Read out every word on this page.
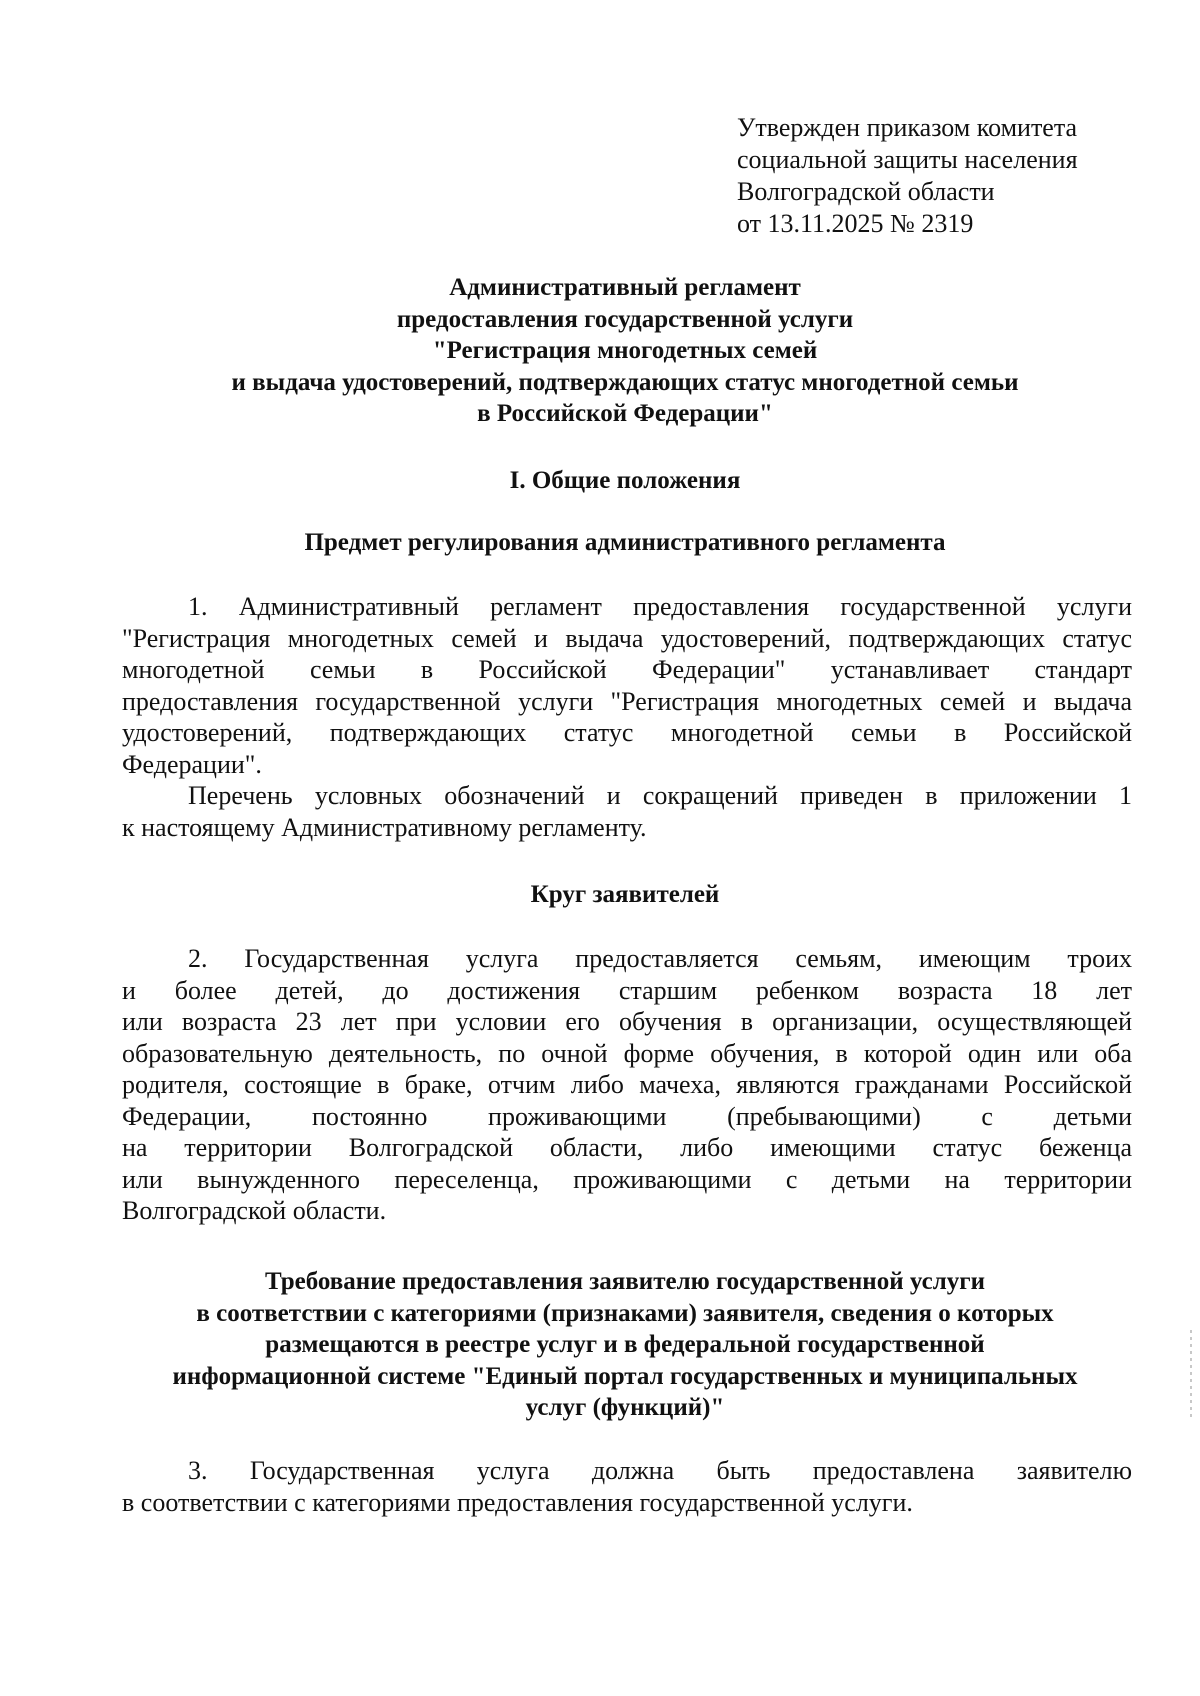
Утвержден приказом комитета
социальной защиты населения
Волгоградской области
от 13.11.2025 № 2319
Административный регламент
предоставления государственной услуги
"Регистрация многодетных семей
и выдача удостоверений, подтверждающих статус многодетной семьи
в Российской Федерации"
I. Общие положения
Предмет регулирования административного регламента
1. Административный регламент предоставления государственной услуги
"Регистрация многодетных семей и выдача удостоверений, подтверждающих статус
многодетной семьи в Российской Федерации" устанавливает стандарт
предоставления государственной услуги "Регистрация многодетных семей и выдача
удостоверений, подтверждающих статус многодетной семьи в Российской
Федерации".
Перечень условных обозначений и сокращений приведен в приложении 1
к настоящему Административному регламенту.
Круг заявителей
2. Государственная услуга предоставляется семьям, имеющим троих
и более детей, до достижения старшим ребенком возраста 18 лет
или возраста 23 лет при условии его обучения в организации, осуществляющей
образовательную деятельность, по очной форме обучения, в которой один или оба
родителя, состоящие в браке, отчим либо мачеха, являются гражданами Российской
Федерации, постоянно проживающими (пребывающими) с детьми
на территории Волгоградской области, либо имеющими статус беженца
или вынужденного переселенца, проживающими с детьми на территории
Волгоградской области.
Требование предоставления заявителю государственной услуги
в соответствии с категориями (признаками) заявителя, сведения о которых
размещаются в реестре услуг и в федеральной государственной
информационной системе "Единый портал государственных и муниципальных
услуг (функций)"
3. Государственная услуга должна быть предоставлена заявителю
в соответствии с категориями предоставления государственной услуги.
